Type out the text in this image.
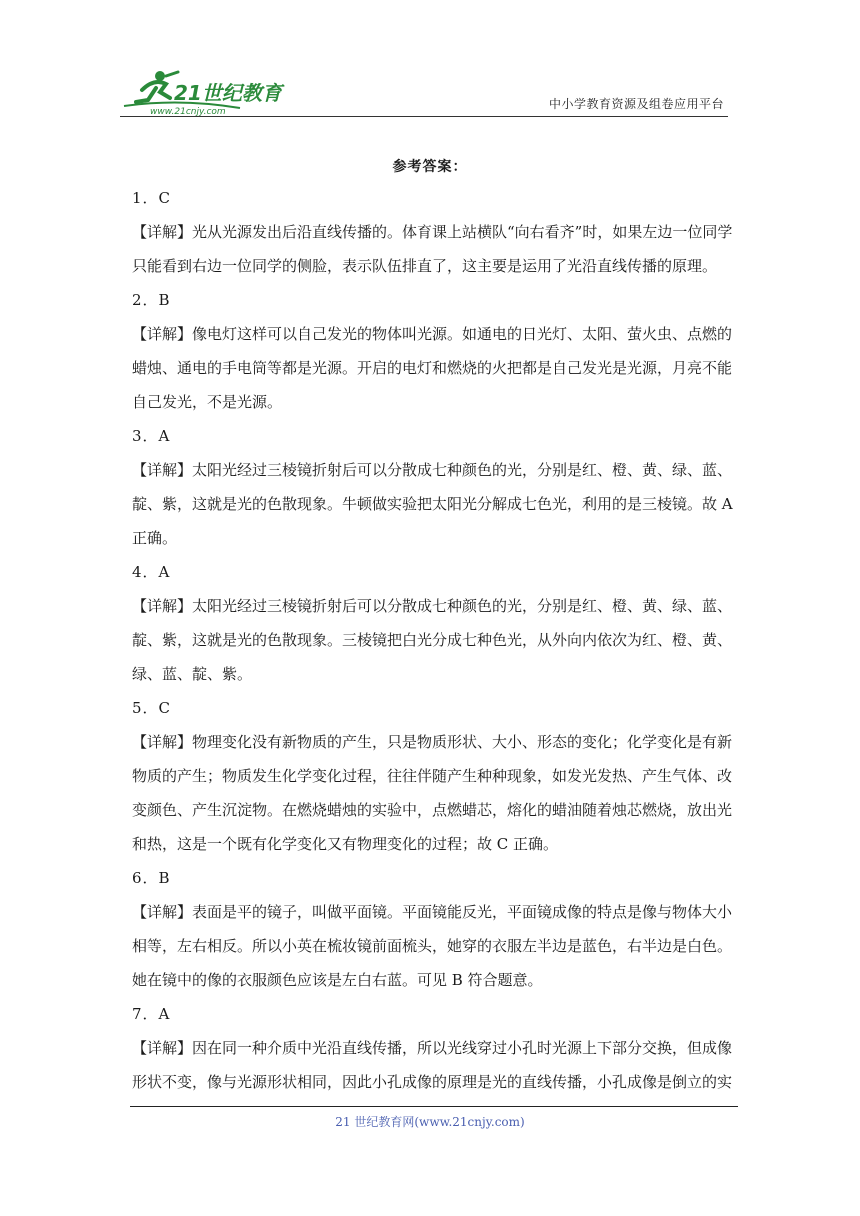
21世纪教育
www.21cnjy.com
中小学教育资源及组卷应用平台
参考答案：
1．C
【详解】光从光源发出后沿直线传播的。体育课上站横队“向右看齐”时，如果左边一位同学
只能看到右边一位同学的侧脸，表示队伍排直了，这主要是运用了光沿直线传播的原理。
2．B
【详解】像电灯这样可以自己发光的物体叫光源。如通电的日光灯、太阳、萤火虫、点燃的
蜡烛、通电的手电筒等都是光源。开启的电灯和燃烧的火把都是自己发光是光源，月亮不能
自己发光，不是光源。
3．A
【详解】太阳光经过三棱镜折射后可以分散成七种颜色的光，分别是红、橙、黄、绿、蓝、
靛、紫，这就是光的色散现象。牛顿做实验把太阳光分解成七色光，利用的是三棱镜。故 A
正确。
4．A
【详解】太阳光经过三棱镜折射后可以分散成七种颜色的光，分别是红、橙、黄、绿、蓝、
靛、紫，这就是光的色散现象。三棱镜把白光分成七种色光，从外向内依次为红、橙、黄、
绿、蓝、靛、紫。
5．C
【详解】物理变化没有新物质的产生，只是物质形状、大小、形态的变化；化学变化是有新
物质的产生；物质发生化学变化过程，往往伴随产生种种现象，如发光发热、产生气体、改
变颜色、产生沉淀物。在燃烧蜡烛的实验中，点燃蜡芯，熔化的蜡油随着烛芯燃烧，放出光
和热，这是一个既有化学变化又有物理变化的过程；故 C 正确。
6．B
【详解】表面是平的镜子，叫做平面镜。平面镜能反光，平面镜成像的特点是像与物体大小
相等，左右相反。所以小英在梳妆镜前面梳头，她穿的衣服左半边是蓝色，右半边是白色。
她在镜中的像的衣服颜色应该是左白右蓝。可见 B 符合题意。
7．A
【详解】因在同一种介质中光沿直线传播，所以光线穿过小孔时光源上下部分交换，但成像
形状不变，像与光源形状相同，因此小孔成像的原理是光的直线传播，小孔成像是倒立的实
21 世纪教育网(www.21cnjy.com)
